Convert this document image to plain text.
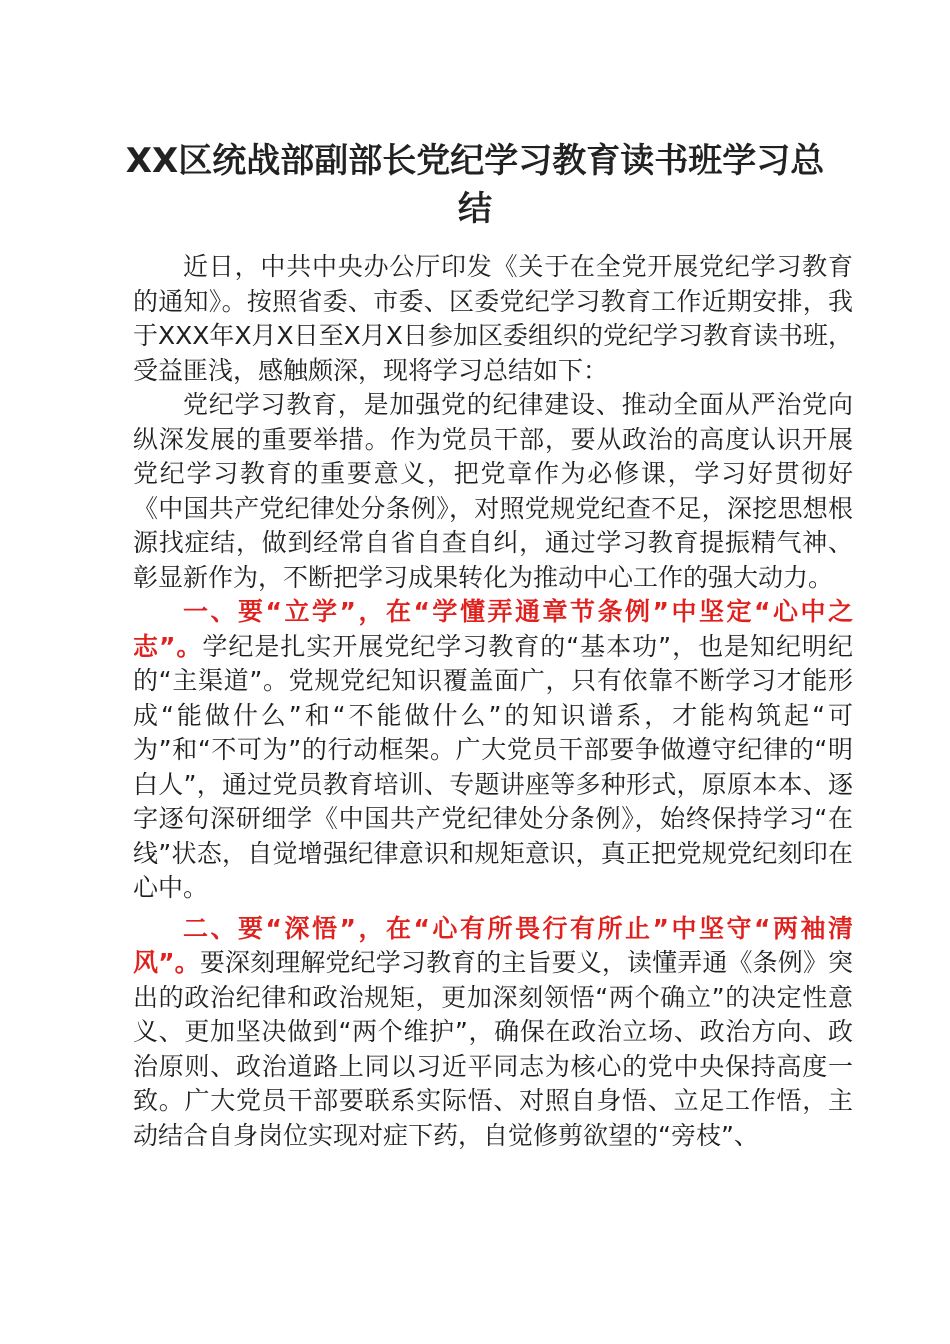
XX区统战部副部长党纪学习教育读书班学习总结

近日，中共中央办公厅印发《关于在全党开展党纪学习教育的通知》。按照省委、市委、区委党纪学习教育工作近期安排，我于XXX年X月X日至X月X日参加区委组织的党纪学习教育读书班，受益匪浅，感触颇深，现将学习总结如下：

党纪学习教育，是加强党的纪律建设、推动全面从严治党向纵深发展的重要举措。作为党员干部，要从政治的高度认识开展党纪学习教育的重要意义，把党章作为必修课，学习好贯彻好《中国共产党纪律处分条例》，对照党规党纪查不足，深挖思想根源找症结，做到经常自省自查自纠，通过学习教育提振精气神、彰显新作为，不断把学习成果转化为推动中心工作的强大动力。

一、要“立学”，在“学懂弄通章节条例”中坚定“心中之志”。学纪是扎实开展党纪学习教育的“基本功”，也是知纪明纪的“主渠道”。党规党纪知识覆盖面广，只有依靠不断学习才能形成“能做什么”和“不能做什么”的知识谱系，才能构筑起“可为”和“不可为”的行动框架。广大党员干部要争做遵守纪律的“明白人”，通过党员教育培训、专题讲座等多种形式，原原本本、逐字逐句深研细学《中国共产党纪律处分条例》，始终保持学习“在线”状态，自觉增强纪律意识和规矩意识，真正把党规党纪刻印在心中。

二、要“深悟”，在“心有所畏行有所止”中坚守“两袖清风”。要深刻理解党纪学习教育的主旨要义，读懂弄通《条例》突出的政治纪律和政治规矩，更加深刻领悟“两个确立”的决定性意义、更加坚决做到“两个维护”，确保在政治立场、政治方向、政治原则、政治道路上同以习近平同志为核心的党中央保持高度一致。广大党员干部要联系实际悟、对照自身悟、立足工作悟，主动结合自身岗位实现对症下药，自觉修剪欲望的“旁枝”、
